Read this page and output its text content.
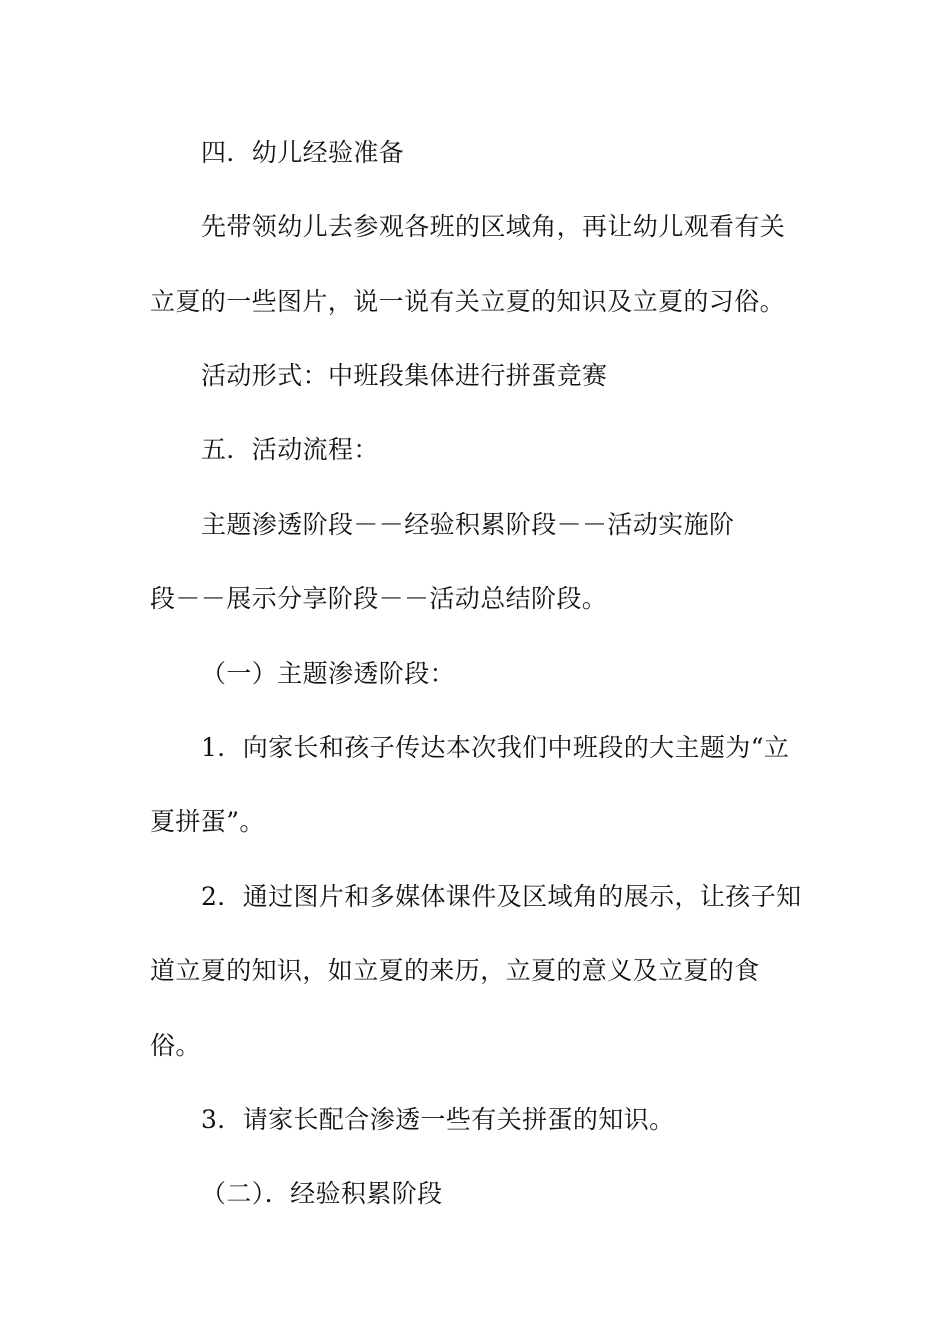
四．幼儿经验准备
先带领幼儿去参观各班的区域角，再让幼儿观看有关
立夏的一些图片，说一说有关立夏的知识及立夏的习俗。
活动形式：中班段集体进行拼蛋竞赛
五．活动流程：
主题渗透阶段－－经验积累阶段－－活动实施阶
段－－展示分享阶段－－活动总结阶段。
（一）主题渗透阶段：
1．向家长和孩子传达本次我们中班段的大主题为“立
夏拼蛋”。
2．通过图片和多媒体课件及区域角的展示，让孩子知
道立夏的知识，如立夏的来历，立夏的意义及立夏的食
俗。
3．请家长配合渗透一些有关拼蛋的知识。
（二）．经验积累阶段
